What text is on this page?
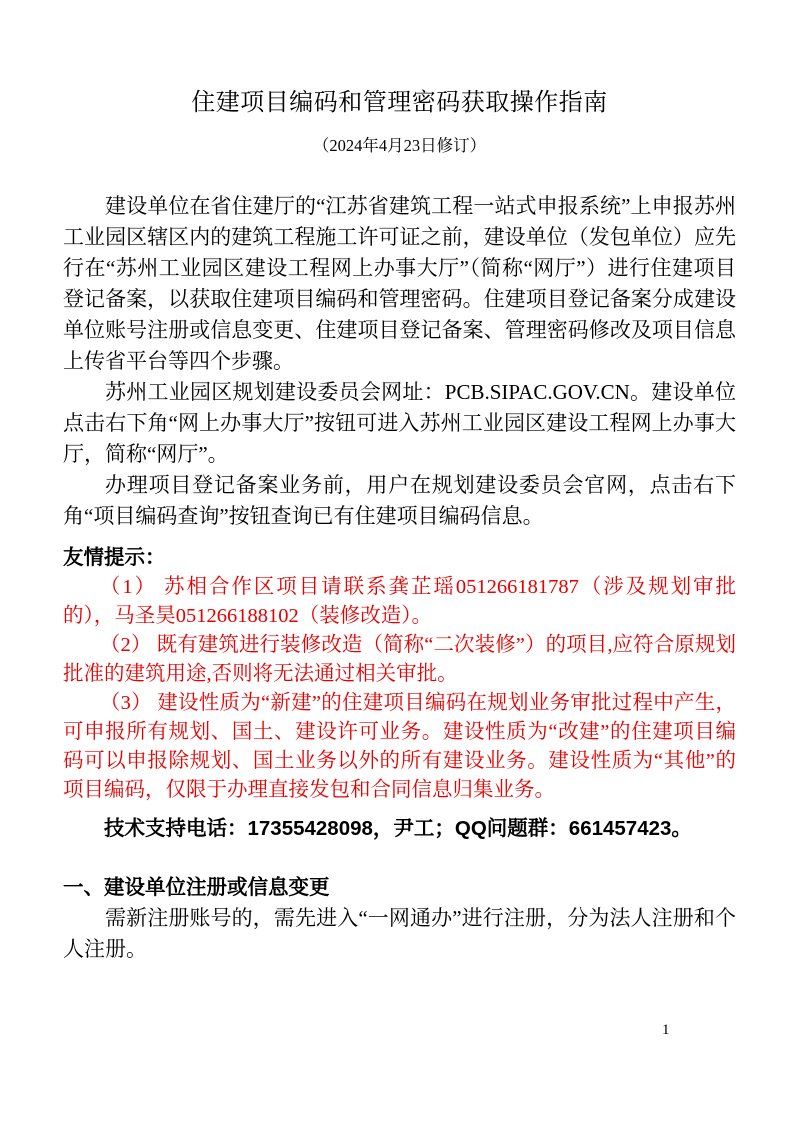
住建项目编码和管理密码获取操作指南
（2024年4月23日修订）

建设单位在省住建厅的“江苏省建筑工程一站式申报系统”上申报苏州工业园区辖区内的建筑工程施工许可证之前，建设单位（发包单位）应先行在“苏州工业园区建设工程网上办事大厅”（简称“网厅”）进行住建项目登记备案，以获取住建项目编码和管理密码。住建项目登记备案分成建设单位账号注册或信息变更、住建项目登记备案、管理密码修改及项目信息上传省平台等四个步骤。

苏州工业园区规划建设委员会网址：PCB.SIPAC.GOV.CN。建设单位点击右下角“网上办事大厅”按钮可进入苏州工业园区建设工程网上办事大厅，简称“网厅”。

办理项目登记备案业务前，用户在规划建设委员会官网，点击右下角“项目编码查询”按钮查询已有住建项目编码信息。

友情提示：

（1） 苏相合作区项目请联系龚芷瑶051266181787（涉及规划审批的），马圣昊051266188102（装修改造）。

（2） 既有建筑进行装修改造（简称“二次装修”）的项目,应符合原规划批准的建筑用途,否则将无法通过相关审批。

（3） 建设性质为“新建”的住建项目编码在规划业务审批过程中产生，可申报所有规划、国土、建设许可业务。建设性质为“改建”的住建项目编码可以申报除规划、国土业务以外的所有建设业务。建设性质为“其他”的项目编码，仅限于办理直接发包和合同信息归集业务。

技术支持电话：17355428098，尹工；QQ问题群：661457423。

一、建设单位注册或信息变更

需新注册账号的，需先进入“一网通办”进行注册，分为法人注册和个人注册。

1
